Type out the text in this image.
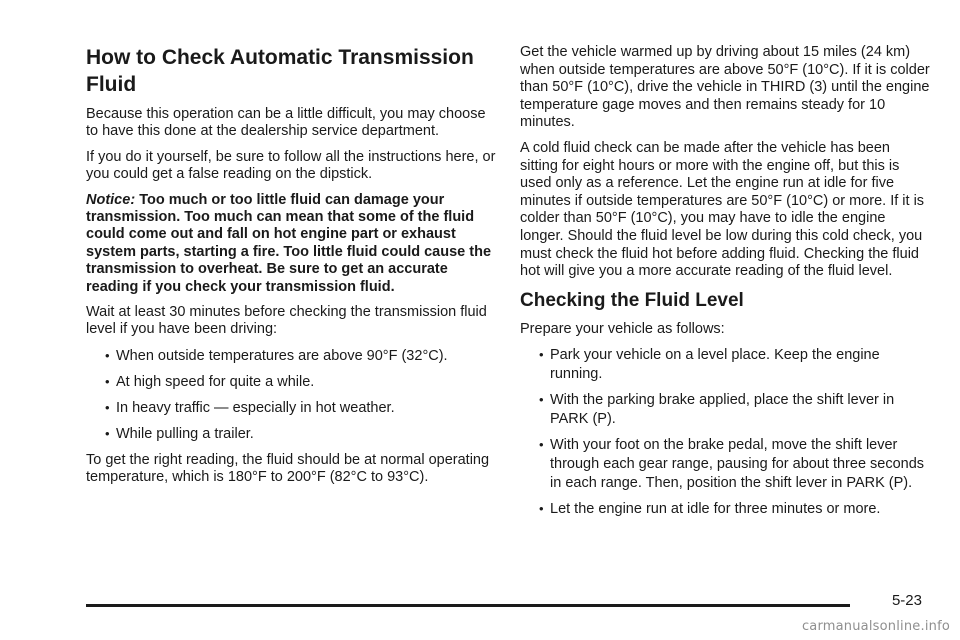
How to Check Automatic Transmission Fluid

Because this operation can be a little difficult, you may choose to have this done at the dealership service department.

If you do it yourself, be sure to follow all the instructions here, or you could get a false reading on the dipstick.

Notice: Too much or too little fluid can damage your transmission. Too much can mean that some of the fluid could come out and fall on hot engine part or exhaust system parts, starting a fire. Too little fluid could cause the transmission to overheat. Be sure to get an accurate reading if you check your transmission fluid.

Wait at least 30 minutes before checking the transmission fluid level if you have been driving:

• When outside temperatures are above 90°F (32°C).
• At high speed for quite a while.
• In heavy traffic — especially in hot weather.
• While pulling a trailer.

To get the right reading, the fluid should be at normal operating temperature, which is 180°F to 200°F (82°C to 93°C).

Get the vehicle warmed up by driving about 15 miles (24 km) when outside temperatures are above 50°F (10°C). If it is colder than 50°F (10°C), drive the vehicle in THIRD (3) until the engine temperature gage moves and then remains steady for 10 minutes.

A cold fluid check can be made after the vehicle has been sitting for eight hours or more with the engine off, but this is used only as a reference. Let the engine run at idle for five minutes if outside temperatures are 50°F (10°C) or more. If it is colder than 50°F (10°C), you may have to idle the engine longer. Should the fluid level be low during this cold check, you must check the fluid hot before adding fluid. Checking the fluid hot will give you a more accurate reading of the fluid level.

Checking the Fluid Level

Prepare your vehicle as follows:

• Park your vehicle on a level place. Keep the engine running.
• With the parking brake applied, place the shift lever in PARK (P).
• With your foot on the brake pedal, move the shift lever through each gear range, pausing for about three seconds in each range. Then, position the shift lever in PARK (P).
• Let the engine run at idle for three minutes or more.
5-23
carmanualsonline.info
